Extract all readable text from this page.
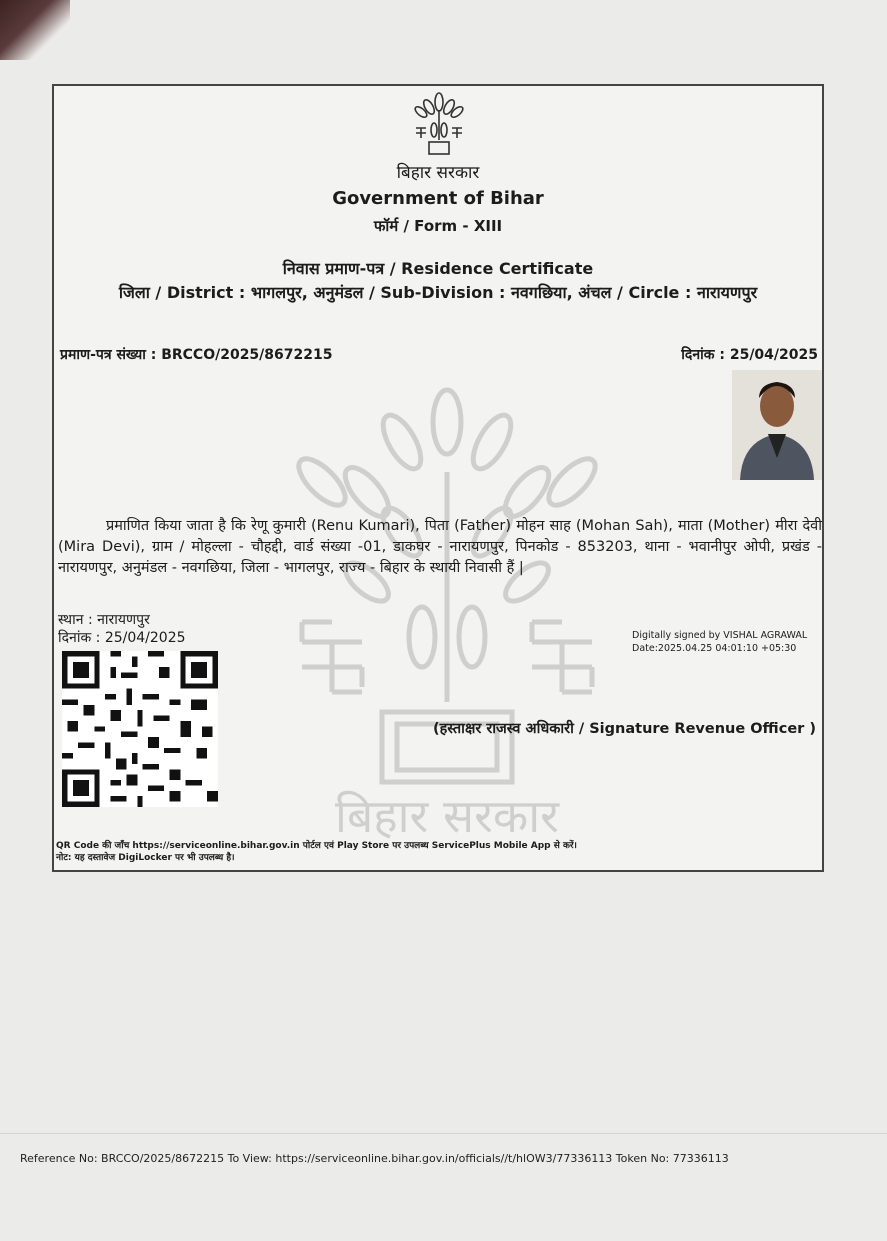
बिहार सरकार
बिहार सरकार
Government of Bihar
फॉर्म / Form - XIII
निवास प्रमाण-पत्र / Residence Certificate
जिला / District : भागलपुर, अनुमंडल / Sub-Division : नवगछिया, अंचल / Circle : नारायणपुर
प्रमाण-पत्र संख्या : BRCCO/2025/8672215	दिनांक : 25/04/2025
प्रमाणित किया जाता है कि रेणू कुमारी (Renu Kumari), पिता (Father) मोहन साह (Mohan Sah), माता (Mother) मीरा देवी (Mira Devi), ग्राम / मोहल्ला - चौहद्दी, वार्ड संख्या -01, डाकघर - नारायणपुर, पिनकोड - 853203, थाना - भवानीपुर ओपी, प्रखंड - नारायणपुर, अनुमंडल - नवगछिया, जिला - भागलपुर, राज्य - बिहार के स्थायी निवासी हैं |
स्थान : नारायणपुर
दिनांक : 25/04/2025	Digitally signed by VISHAL AGRAWAL
Date:2025.04.25 04:01:10 +05:30
(हस्ताक्षर राजस्व अधिकारी / Signature Revenue Officer )
QR Code की जाँच https://serviceonline.bihar.gov.in पोर्टल एवं Play Store पर उपलब्ध ServicePlus Mobile App से करें।
नोट: यह दस्तावेज DigiLocker पर भी उपलब्ध है।
Reference No: BRCCO/2025/8672215 To View: https://serviceonline.bihar.gov.in/officials//t/hlOW3/77336113 Token No: 77336113
